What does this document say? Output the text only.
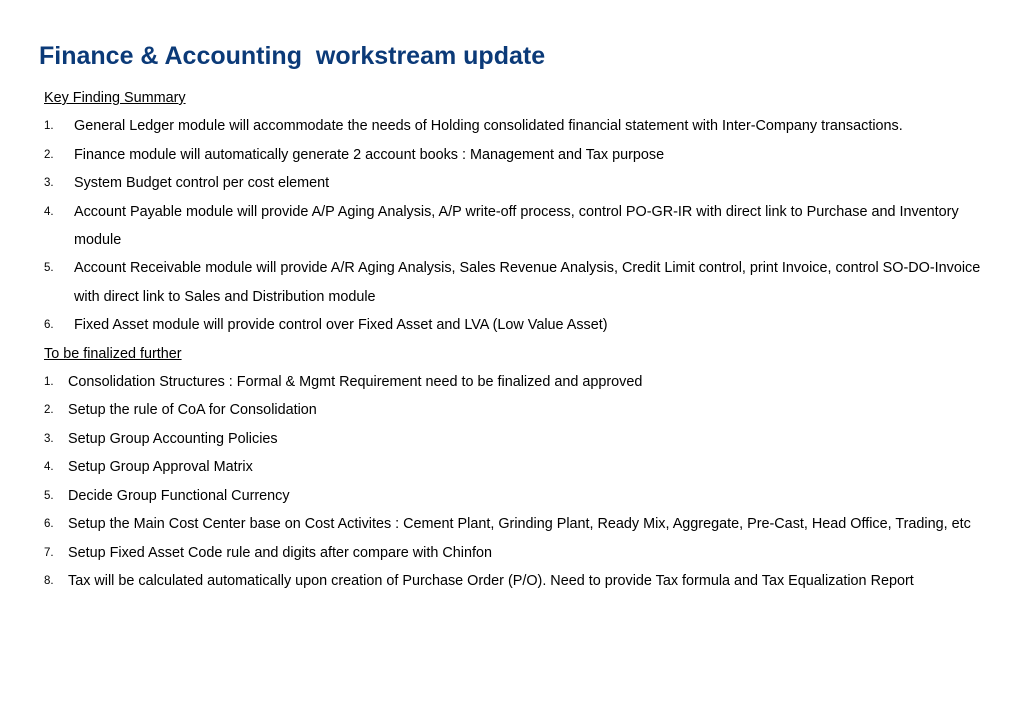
Finance & Accounting  workstream update

Key Finding Summary

1. General Ledger module will accommodate the needs of Holding consolidated financial statement with Inter-Company transactions.
2. Finance module will automatically generate 2 account books : Management and Tax purpose
3. System Budget control per cost element
4. Account Payable module will provide A/P Aging Analysis, A/P write-off process, control PO-GR-IR with direct link to Purchase and Inventory module
5. Account Receivable module will provide A/R Aging Analysis, Sales Revenue Analysis, Credit Limit control, print Invoice, control SO-DO-Invoice with direct link to Sales and Distribution module
6. Fixed Asset module will provide control over Fixed Asset and LVA (Low Value Asset)

To be finalized further

1. Consolidation Structures : Formal & Mgmt Requirement need to be finalized and approved
2. Setup the rule of CoA for Consolidation
3. Setup Group Accounting Policies
4. Setup Group Approval Matrix
5. Decide Group Functional Currency
6. Setup the Main Cost Center base on Cost Activites : Cement Plant, Grinding Plant, Ready Mix, Aggregate, Pre-Cast, Head Office, Trading, etc
7. Setup Fixed Asset Code rule and digits after compare with Chinfon
8. Tax will be calculated automatically upon creation of Purchase Order (P/O). Need to provide Tax formula and Tax Equalization Report
